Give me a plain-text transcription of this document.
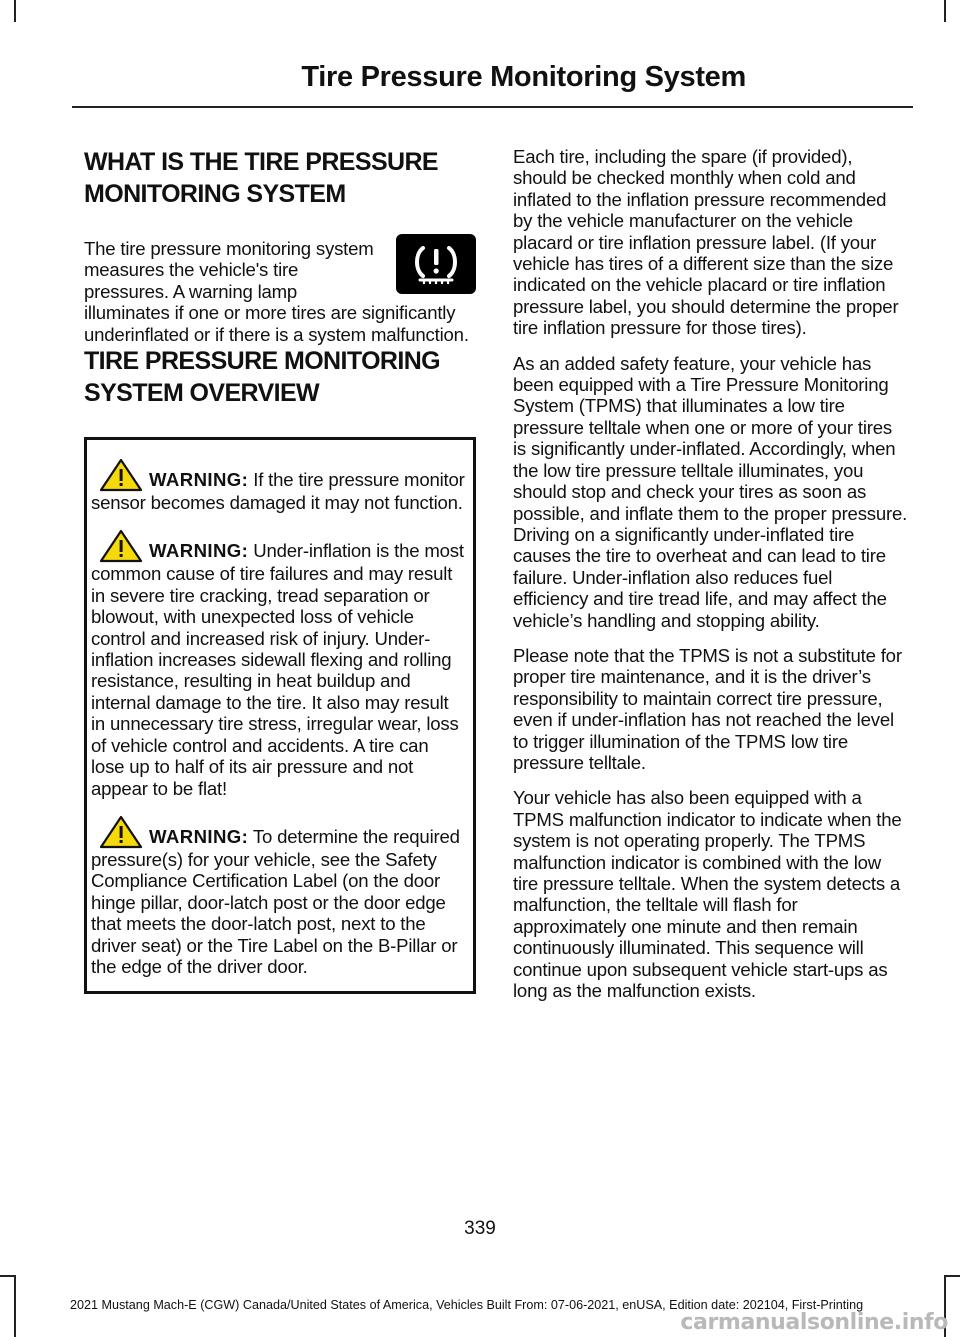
Tire Pressure Monitoring System
WHAT IS THE TIRE PRESSURE
MONITORING SYSTEM

The tire pressure monitoring system measures the vehicle's tire pressures. A warning lamp illuminates if one or more tires are significantly underinflated or if there is a system malfunction.

TIRE PRESSURE MONITORING
SYSTEM OVERVIEW

WARNING: If the tire pressure monitor sensor becomes damaged it may not function.

WARNING: Under-inflation is the most common cause of tire failures and may result in severe tire cracking, tread separation or blowout, with unexpected loss of vehicle control and increased risk of injury. Under-inflation increases sidewall flexing and rolling resistance, resulting in heat buildup and internal damage to the tire. It also may result in unnecessary tire stress, irregular wear, loss of vehicle control and accidents. A tire can lose up to half of its air pressure and not appear to be flat!

WARNING: To determine the required pressure(s) for your vehicle, see the Safety Compliance Certification Label (on the door hinge pillar, door-latch post or the door edge that meets the door-latch post, next to the driver seat) or the Tire Label on the B-Pillar or the edge of the driver door.

Each tire, including the spare (if provided), should be checked monthly when cold and inflated to the inflation pressure recommended by the vehicle manufacturer on the vehicle placard or tire inflation pressure label. (If your vehicle has tires of a different size than the size indicated on the vehicle placard or tire inflation pressure label, you should determine the proper tire inflation pressure for those tires).

As an added safety feature, your vehicle has been equipped with a Tire Pressure Monitoring System (TPMS) that illuminates a low tire pressure telltale when one or more of your tires is significantly under-inflated. Accordingly, when the low tire pressure telltale illuminates, you should stop and check your tires as soon as possible, and inflate them to the proper pressure. Driving on a significantly under-inflated tire causes the tire to overheat and can lead to tire failure. Under-inflation also reduces fuel efficiency and tire tread life, and may affect the vehicle’s handling and stopping ability.

Please note that the TPMS is not a substitute for proper tire maintenance, and it is the driver’s responsibility to maintain correct tire pressure, even if under-inflation has not reached the level to trigger illumination of the TPMS low tire pressure telltale.

Your vehicle has also been equipped with a TPMS malfunction indicator to indicate when the system is not operating properly. The TPMS malfunction indicator is combined with the low tire pressure telltale. When the system detects a malfunction, the telltale will flash for approximately one minute and then remain continuously illuminated. This sequence will continue upon subsequent vehicle start-ups as long as the malfunction exists.

339
2021 Mustang Mach-E (CGW) Canada/United States of America, Vehicles Built From: 07-06-2021, enUSA, Edition date: 202104, First-Printing
carmanualsonline.info
